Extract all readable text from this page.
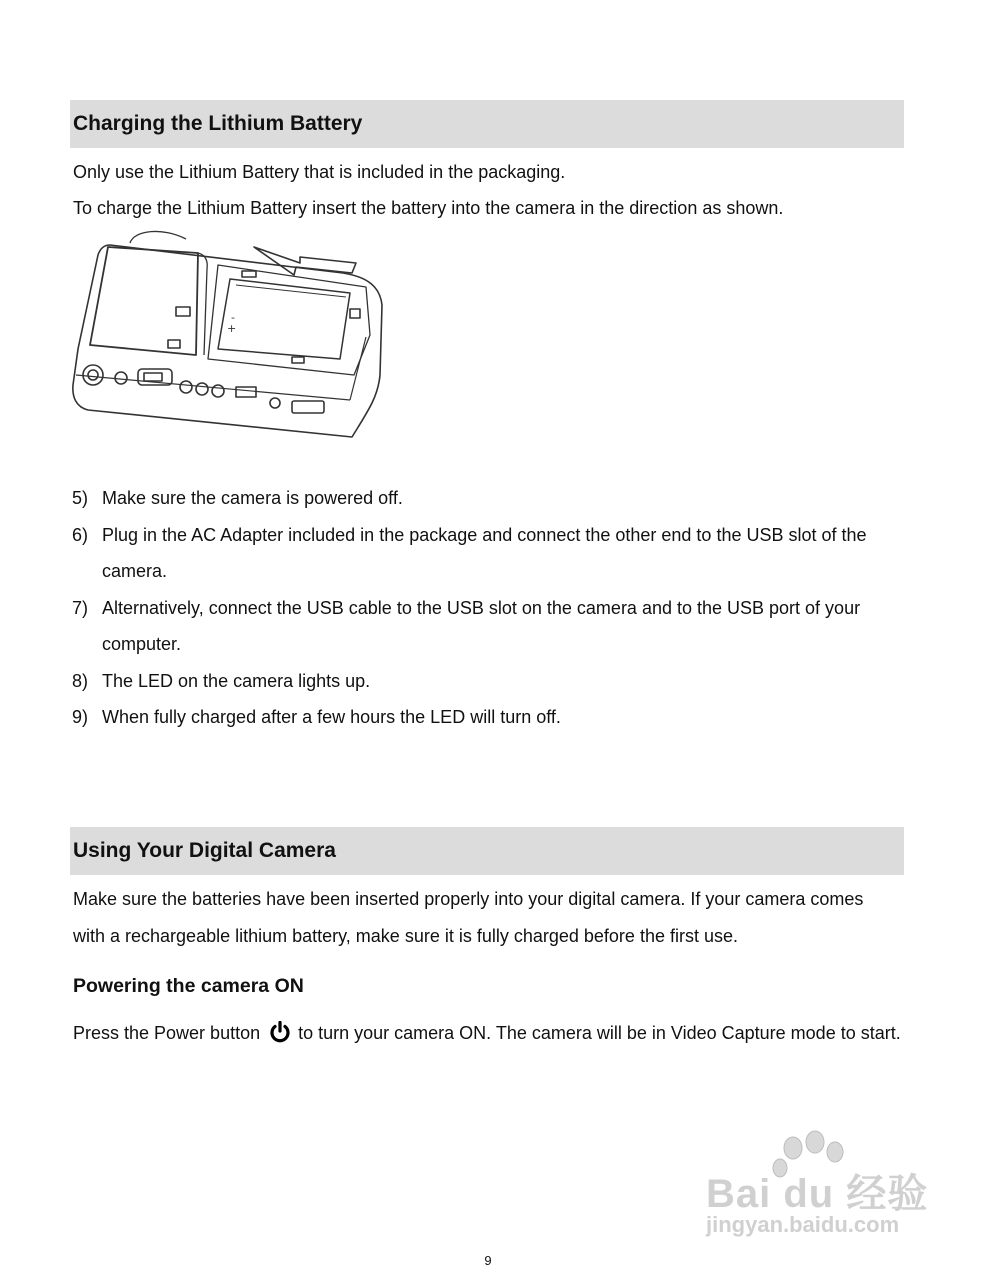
Charging the Lithium Battery

Only use the Lithium Battery that is included in the packaging.

To charge the Lithium Battery insert the battery into the camera in the direction as shown.

-
+
5) Make sure the camera is powered off.
6) Plug in the AC Adapter included in the package and connect the other end to the USB slot of the camera.
7) Alternatively, connect the USB cable to the USB slot on the camera and to the USB port of your computer.
8) The LED on the camera lights up.
9) When fully charged after a few hours the LED will turn off.
Using Your Digital Camera

Make sure the batteries have been inserted properly into your digital camera. If your camera comes with a rechargeable lithium battery, make sure it is fully charged before the first use.

Powering the camera ON

Press the Power button to turn your camera ON. The camera will be in Video Capture mode to start.

Bai du 经验
jingyan.baidu.com
9
